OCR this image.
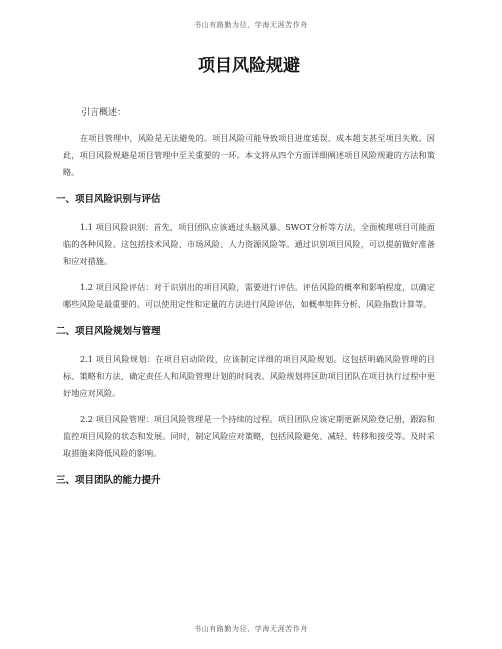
书山有路勤为径，学海无涯苦作舟
项目风险规避
引言概述：

在项目管理中，风险是无法避免的。项目风险可能导致项目进度延误、成本超支甚至项目失败。因此，项目风险规避是项目管理中至关重要的一环。本文将从四个方面详细阐述项目风险规避的方法和策略。

一、项目风险识别与评估

1.1 项目风险识别：首先，项目团队应该通过头脑风暴、SWOT分析等方法，全面梳理项目可能面临的各种风险。这包括技术风险、市场风险、人力资源风险等。通过识别项目风险，可以提前做好准备和应对措施。

1.2 项目风险评估：对于识别出的项目风险，需要进行评估。评估风险的概率和影响程度，以确定哪些风险是最重要的。可以使用定性和定量的方法进行风险评估，如概率矩阵分析、风险指数计算等。

二、项目风险规划与管理

2.1 项目风险规划：在项目启动阶段，应该制定详细的项目风险规划。这包括明确风险管理的目标、策略和方法，确定责任人和风险管理计划的时间表。风险规划将区助项目团队在项目执行过程中更好地应对风险。

2.2 项目风险管理：项目风险管理是一个持续的过程。项目团队应该定期更新风险登记册，跟踪和监控项目风险的状态和发展。同时，制定风险应对策略，包括风险避免、减轻、转移和接受等。及时采取措施来降低风险的影响。

三、项目团队的能力提升
书山有路勤为径，学海无涯苦作舟
